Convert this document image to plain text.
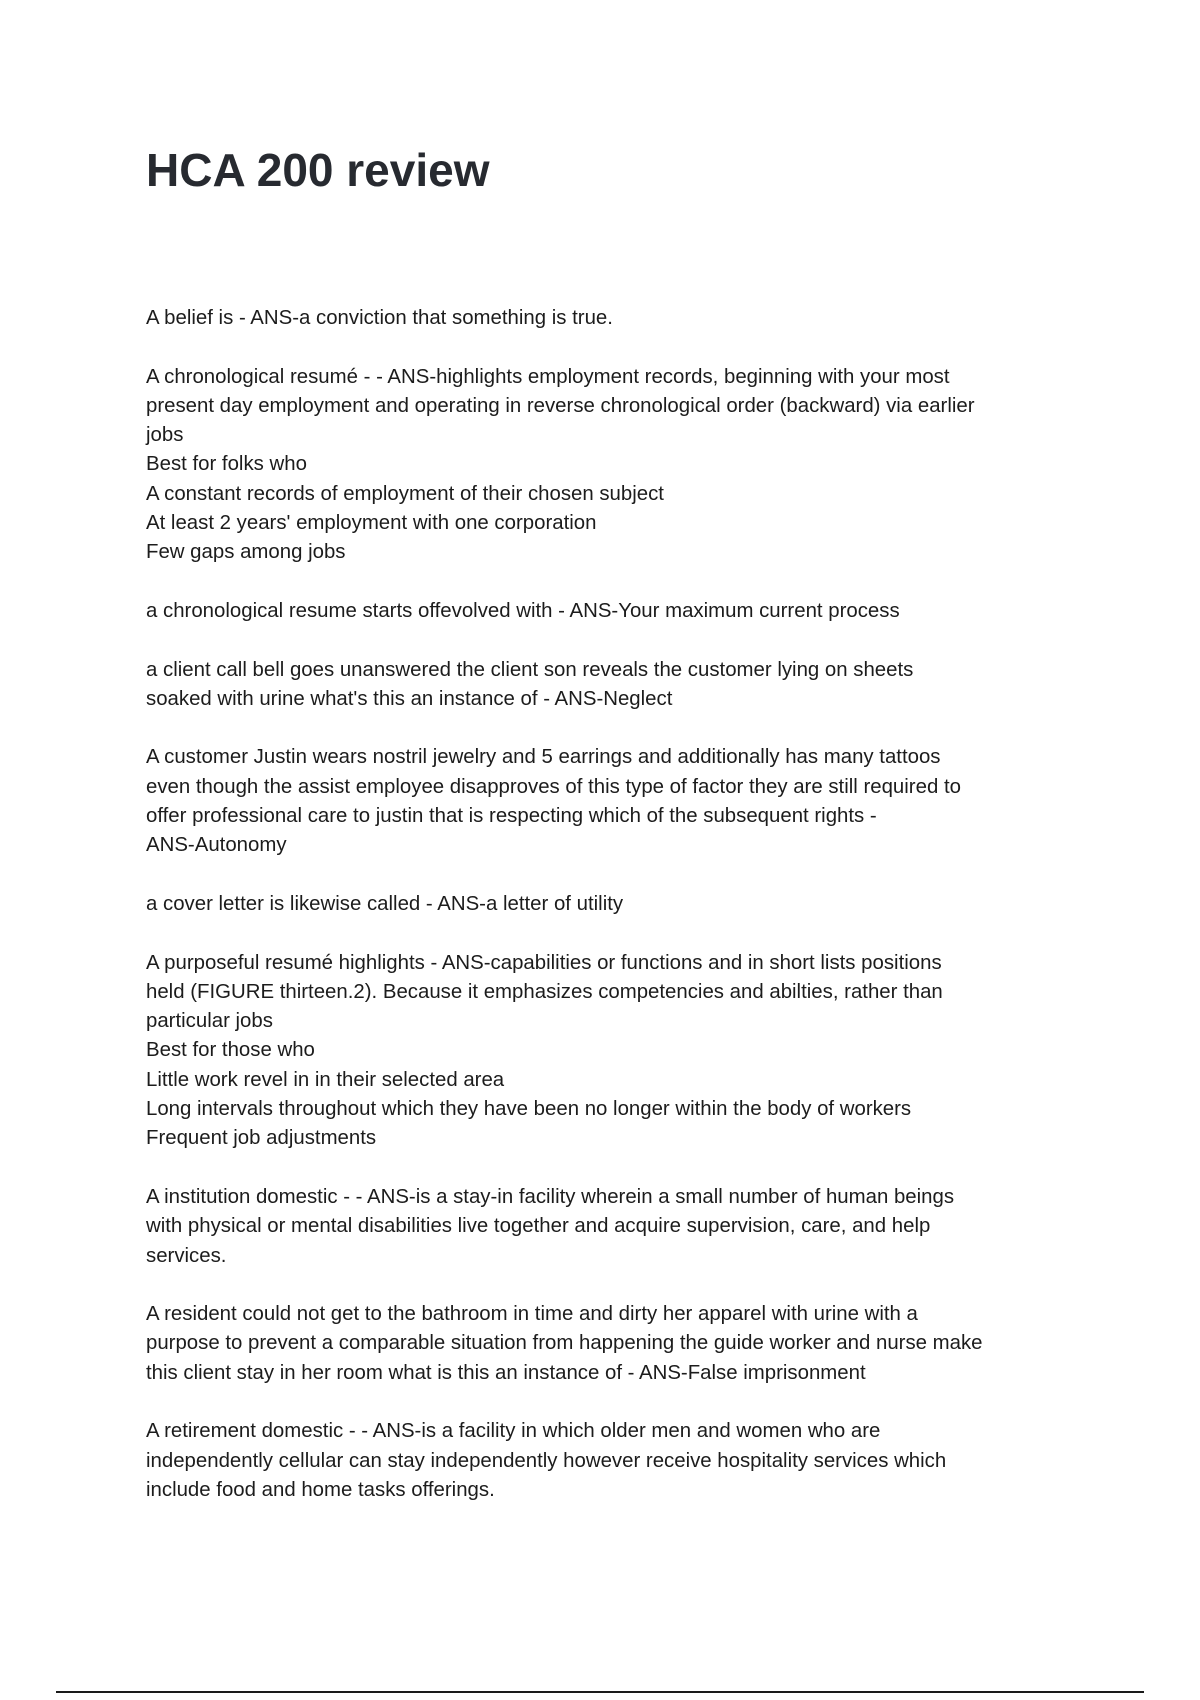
HCA 200 review
A belief is - ANS-a conviction that something is true.
A chronological resumé - - ANS-highlights employment records, beginning with your most
present day employment and operating in reverse chronological order (backward) via earlier
jobs
Best for folks who
A constant records of employment of their chosen subject
At least 2 years' employment with one corporation
Few gaps among jobs
a chronological resume starts offevolved with - ANS-Your maximum current process
a client call bell goes unanswered the client son reveals the customer lying on sheets
soaked with urine what's this an instance of - ANS-Neglect
A customer Justin wears nostril jewelry and 5 earrings and additionally has many tattoos
even though the assist employee disapproves of this type of factor they are still required to
offer professional care to justin that is respecting which of the subsequent rights -
ANS-Autonomy
a cover letter is likewise called - ANS-a letter of utility
A purposeful resumé highlights - ANS-capabilities or functions and in short lists positions
held (FIGURE thirteen.2). Because it emphasizes competencies and abilties, rather than
particular jobs
Best for those who
Little work revel in in their selected area
Long intervals throughout which they have been no longer within the body of workers
Frequent job adjustments
A institution domestic - - ANS-is a stay-in facility wherein a small number of human beings
with physical or mental disabilities live together and acquire supervision, care, and help
services.
A resident could not get to the bathroom in time and dirty her apparel with urine with a
purpose to prevent a comparable situation from happening the guide worker and nurse make
this client stay in her room what is this an instance of - ANS-False imprisonment
A retirement domestic - - ANS-is a facility in which older men and women who are
independently cellular can stay independently however receive hospitality services which
include food and home tasks offerings.
